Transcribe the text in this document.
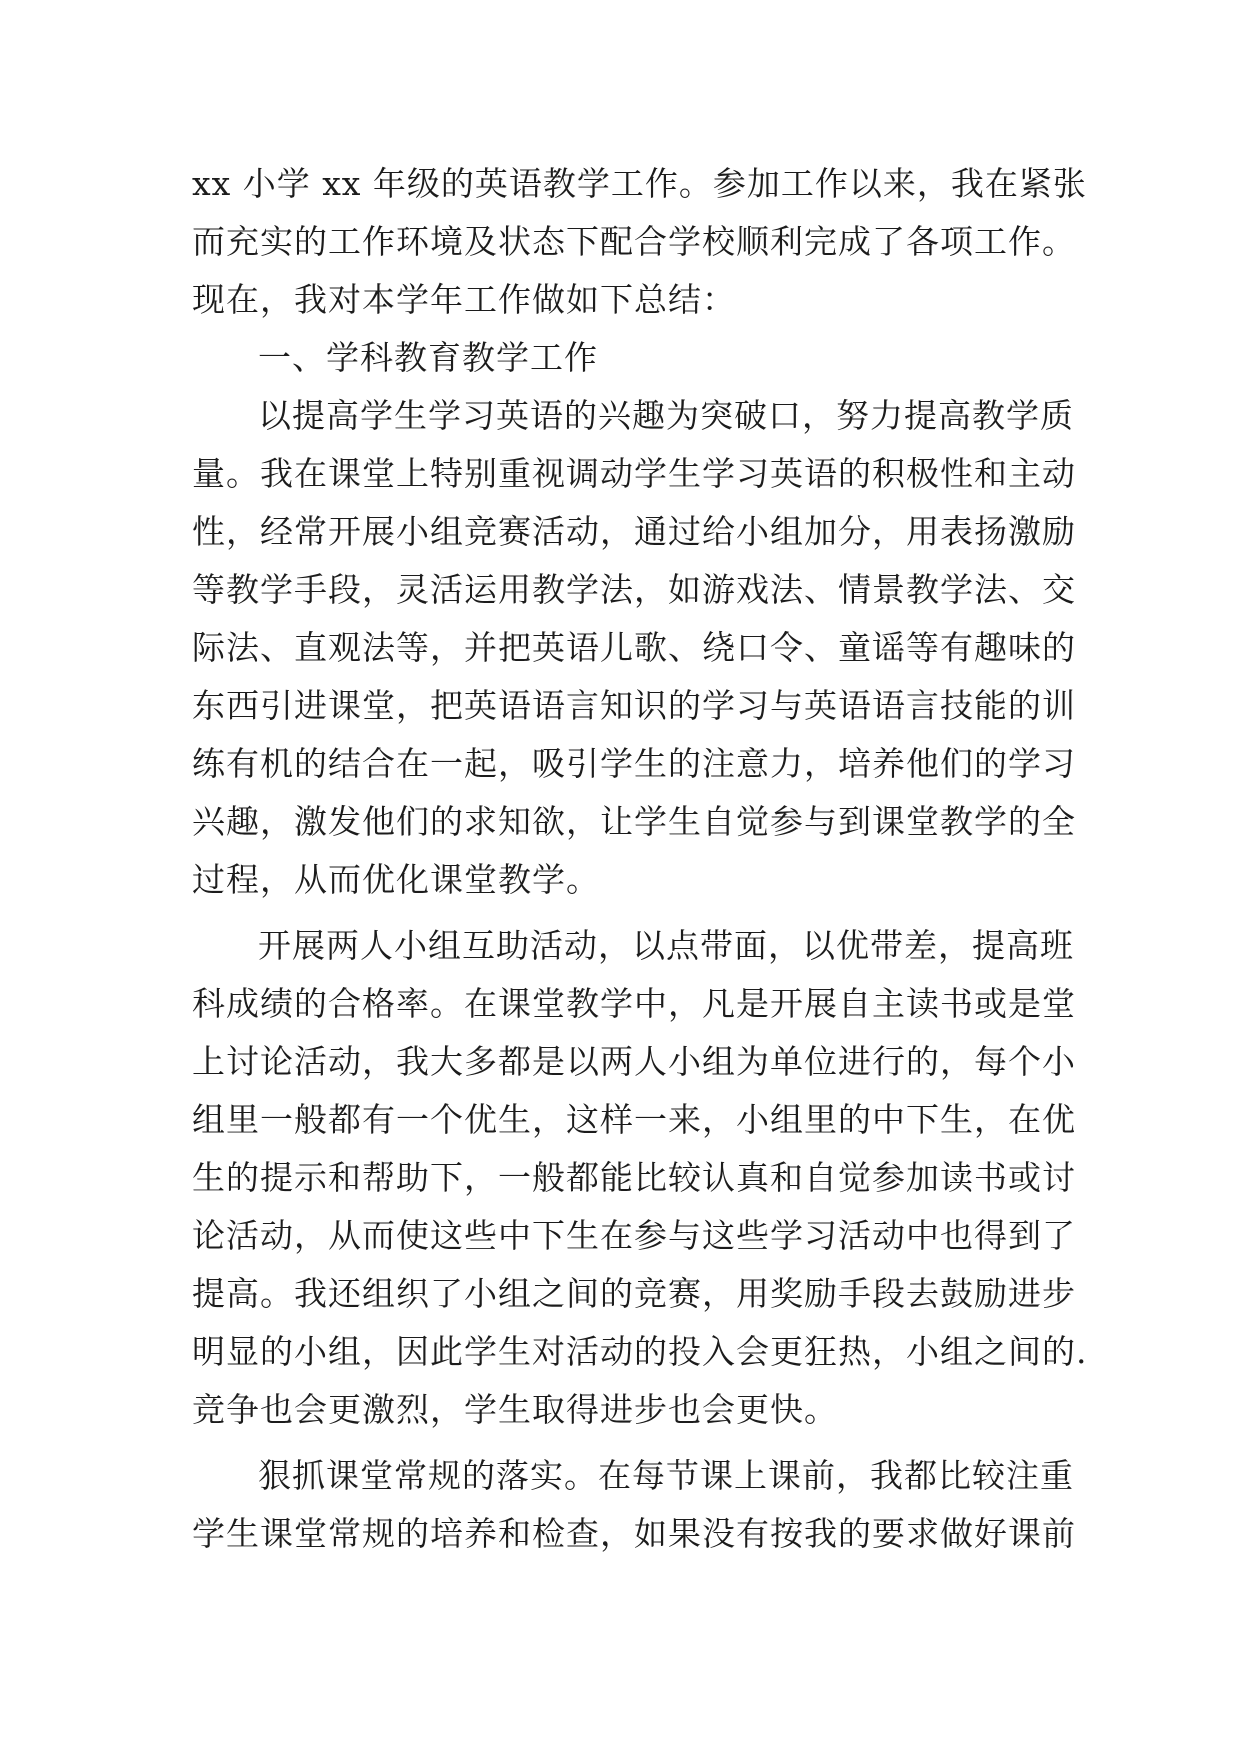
xx 小学 xx 年级的英语教学工作。参加工作以来，我在紧张
而充实的工作环境及状态下配合学校顺利完成了各项工作。
现在，我对本学年工作做如下总结：
一、学科教育教学工作
以提高学生学习英语的兴趣为突破口，努力提高教学质
量。我在课堂上特别重视调动学生学习英语的积极性和主动
性，经常开展小组竞赛活动，通过给小组加分，用表扬激励
等教学手段，灵活运用教学法，如游戏法、情景教学法、交
际法、直观法等，并把英语儿歌、绕口令、童谣等有趣味的
东西引进课堂，把英语语言知识的学习与英语语言技能的训
练有机的结合在一起，吸引学生的注意力，培养他们的学习
兴趣，激发他们的求知欲，让学生自觉参与到课堂教学的全
过程，从而优化课堂教学。
开展两人小组互助活动，以点带面，以优带差，提高班
科成绩的合格率。在课堂教学中，凡是开展自主读书或是堂
上讨论活动，我大多都是以两人小组为单位进行的，每个小
组里一般都有一个优生，这样一来，小组里的中下生，在优
生的提示和帮助下，一般都能比较认真和自觉参加读书或讨
论活动，从而使这些中下生在参与这些学习活动中也得到了
提高。我还组织了小组之间的竞赛，用奖励手段去鼓励进步
明显的小组，因此学生对活动的投入会更狂热，小组之间的.
竞争也会更激烈，学生取得进步也会更快。
狠抓课堂常规的落实。在每节课上课前，我都比较注重
学生课堂常规的培养和检查，如果没有按我的要求做好课前
